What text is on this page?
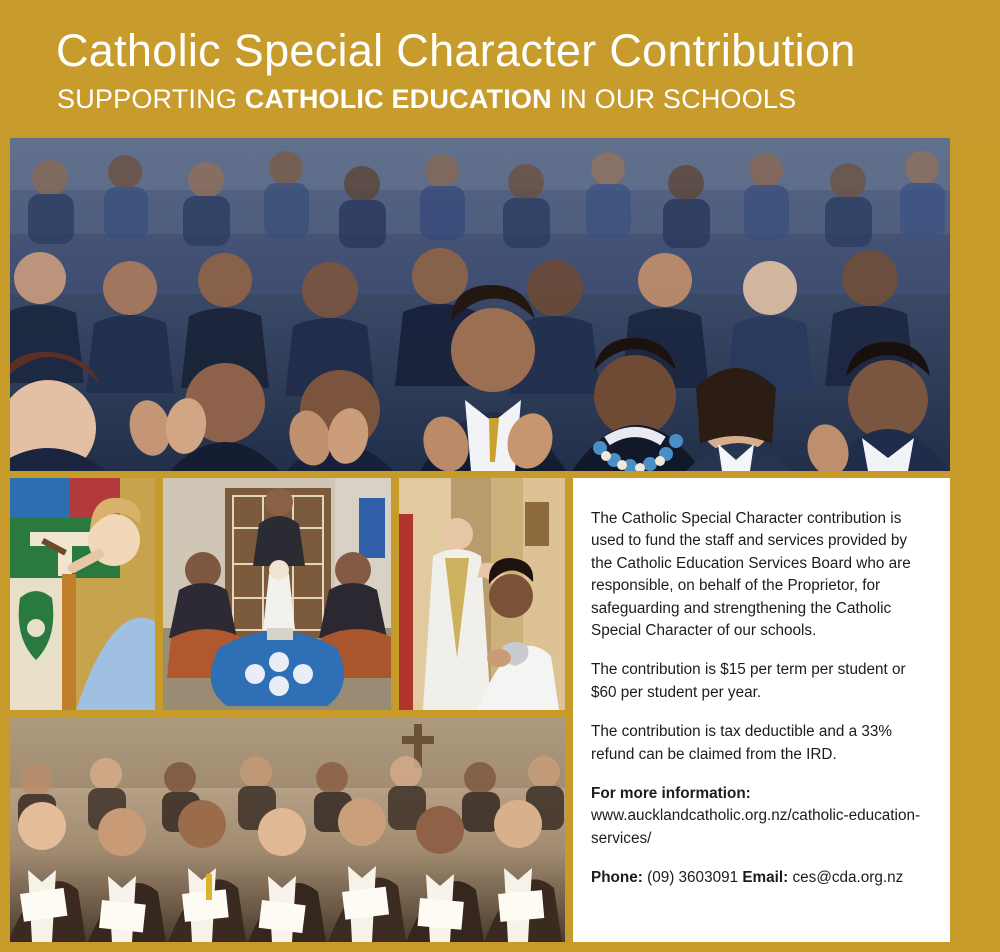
Catholic Special Character Contribution
SUPPORTING CATHOLIC EDUCATION IN OUR SCHOOLS

The Catholic Special Character contribution is used to fund the staff and services provided by the Catholic Education Services Board who are responsible, on behalf of the Proprietor, for safeguarding and strengthening the Catholic Special Character of our schools.

The contribution is $15 per term per student or $60 per student per year.

The contribution is tax deductible and a 33% refund can be claimed from the IRD.

For more information:

www.aucklandcatholic.org.nz/catholic-education-services/

Phone: (09) 3603091 Email: ces@cda.org.nz
